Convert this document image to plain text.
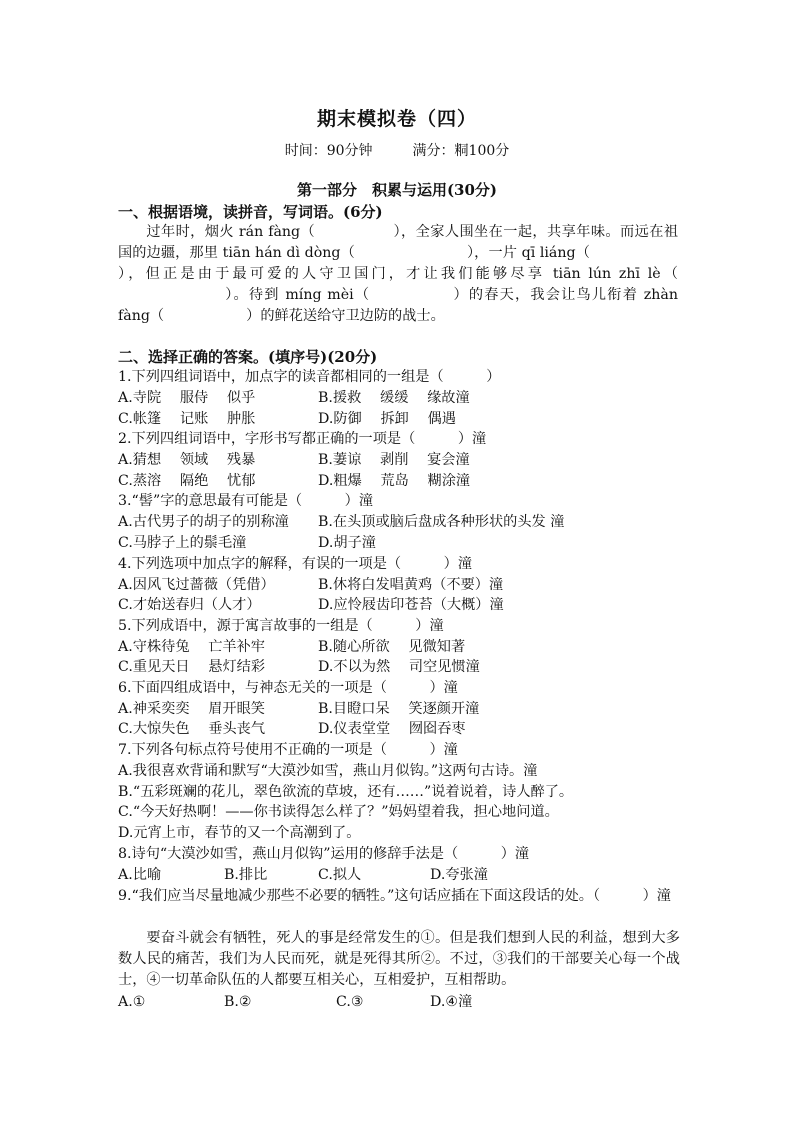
期末模拟卷（四）
时间：90分钟	满分：粡100分
第一部分　积累与运用(30分)
一、根据语境，读拼音，写词语。(6分)
过年时，烟火 rán fàng（	），全家人围坐在一起，共享年味。而远在祖国的边疆，那里 tiān hán dì dòng（	），一片 qī liáng（），但正是由于最可爱的人守卫国门，才让我们能够尽享 tiān lún zhī lè（）。待到 míng mèi（	）的春天，我会让鸟儿衔着 zhàn fàng（	）的鲜花送给守卫边防的战士。
二、选择正确的答案。(填序号)(20分)
1.下列四组词语中，加点字的读音都相同的一组是（　　　）
A.寺院　 服侍 　似乎	B.援救　 缓缓 　缘故潼
C.帐篷　 记账 　肿胀	D.防御　 拆卸　 偶遇
2.下列四组词语中，字形书写都正确的一项是（　　　）潼
A.猜想　 领域　 残暴	B.萋谅　 剥削　 宴会潼
C.蒸溶　 隔绝　 忧郁	D.粗爆　 荒岛　 糊涂潼
3.“髻”字的意思最有可能是（　　　）潼
A.古代男子的胡子的别称潼 B.在头顶或脑后盘成各种形状的头发 潼
C.马脖子上的鬃毛潼	D.胡子潼
4.下列选项中加点字的解释，有误的一项是（　　　）潼
A.因风飞过蔷薇（凭借）	B.休将白发唱黄鸡（不要）潼
C.才始送春归（人才）	D.应怜屐齿印苍苔（大概）潼
5.下列成语中，源于寓言故事的一组是（　　　）潼
A.守株待兔　 亡羊补牢	B.随心所欲　 见微知著
C.重见天日　 悬灯结彩	D.不以为然　 司空见惯潼
6.下面四组成语中，与神态无关的一项是（　　　）潼
A.神采奕奕　 眉开眼笑	B.目瞪口呆　 笑逐颜开潼
C.大惊失色　 垂头丧气	D.仪表堂堂　 囫囵吞枣
7.下列各句标点符号使用不正确的一项是（　　　）潼
A.我很喜欢背诵和默写“大漠沙如雪，燕山月似钩。”这两句古诗。潼
B.“五彩斑斓的花儿，翠色欲流的草坡，还有……”说着说着，诗人醉了。
C.“今天好热啊！——你书读得怎么样了？”妈妈望着我，担心地问道。
D.元宵上市，春节的又一个高潮到了。
8.诗句“大漠沙如雪，燕山月似钩”运用的修辞手法是（　　　）潼
A.比喻	B.排比	C.拟人	D.夸张潼
9.“我们应当尽量地减少那些不必要的牺牲。”这句话应插在下面这段话的处。（　　　）潼
要奋斗就会有牺牲，死人的事是经常发生的①。但是我们想到人民的利益，想到大多数人民的痛苦，我们为人民而死，就是死得其所②。不过，③我们的干部要关心每一个战士，④一切革命队伍的人都要互相关心，互相爱护，互相帮助。
A.①	B.②	C.③	D.④潼
